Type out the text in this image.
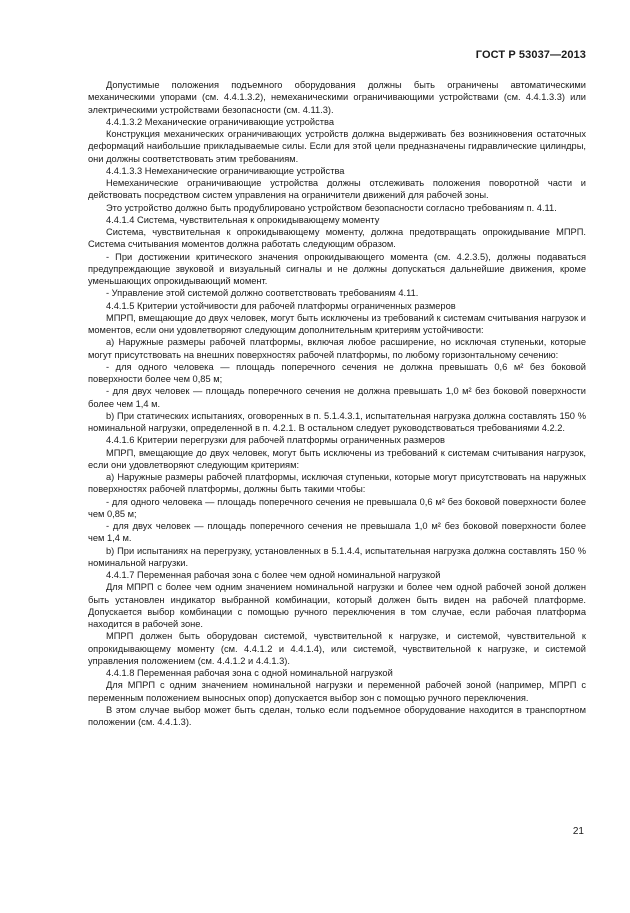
ГОСТ Р 53037—2013

Допустимые положения подъемного оборудования должны быть ограничены автоматическими механическими упорами (см. 4.4.1.3.2), немеханическими ограничивающими устройствами (см. 4.4.1.3.3) или электрическими устройствами безопасности (см. 4.11.3).

4.4.1.3.2 Механические ограничивающие устройства

Конструкция механических ограничивающих устройств должна выдерживать без возникновения остаточных деформаций наибольшие прикладываемые силы. Если для этой цели предназначены гидравлические цилиндры, они должны соответствовать этим требованиям.

4.4.1.3.3 Немеханические ограничивающие устройства

Немеханические ограничивающие устройства должны отслеживать положения поворотной части и действовать посредством систем управления на ограничители движений для рабочей зоны.

Это устройство должно быть продублировано устройством безопасности согласно требованиям п. 4.11.

4.4.1.4 Система, чувствительная к опрокидывающему моменту

Система, чувствительная к опрокидывающему моменту, должна предотвращать опрокидывание МПРП. Система считывания моментов должна работать следующим образом.

- При достижении критического значения опрокидывающего момента (см. 4.2.3.5), должны подаваться предупреждающие звуковой и визуальный сигналы и не должны допускаться дальнейшие движения, кроме уменьшающих опрокидывающий момент.

- Управление этой системой должно соответствовать требованиям 4.11.

4.4.1.5 Критерии устойчивости для рабочей платформы ограниченных размеров

МПРП, вмещающие до двух человек, могут быть исключены из требований к системам считывания нагрузок и моментов, если они удовлетворяют следующим дополнительным критериям устойчивости:

а) Наружные размеры рабочей платформы, включая любое расширение, но исключая ступеньки, которые могут присутствовать на внешних поверхностях рабочей платформы, по любому горизонтальному сечению:

- для одного человека — площадь поперечного сечения не должна превышать 0,6 м² без боковой поверхности более чем 0,85 м;

- для двух человек — площадь поперечного сечения не должна превышать 1,0 м² без боковой поверхности более чем 1,4 м.

b) При статических испытаниях, оговоренных в п. 5.1.4.3.1, испытательная нагрузка должна составлять 150 % номинальной нагрузки, определенной в п. 4.2.1. В остальном следует руководствоваться требованиями 4.2.2.

4.4.1.6 Критерии перегрузки для рабочей платформы ограниченных размеров

МПРП, вмещающие до двух человек, могут быть исключены из требований к системам считывания нагрузок, если они удовлетворяют следующим критериям:

а) Наружные размеры рабочей платформы, исключая ступеньки, которые могут присутствовать на наружных поверхностях рабочей платформы, должны быть такими чтобы:

- для одного человека — площадь поперечного сечения не превышала 0,6 м² без боковой поверхности более чем 0,85 м;

- для двух человек — площадь поперечного сечения не превышала 1,0 м² без боковой поверхности более чем 1,4 м.

b) При испытаниях на перегрузку, установленных в 5.1.4.4, испытательная нагрузка должна составлять 150 % номинальной нагрузки.

4.4.1.7 Переменная рабочая зона с более чем одной номинальной нагрузкой

Для МПРП с более чем одним значением номинальной нагрузки и более чем одной рабочей зоной должен быть установлен индикатор выбранной комбинации, который должен быть виден на рабочей платформе. Допускается выбор комбинации с помощью ручного переключения в том случае, если рабочая платформа находится в рабочей зоне.

МПРП должен быть оборудован системой, чувствительной к нагрузке, и системой, чувствительной к опрокидывающему моменту (см. 4.4.1.2 и 4.4.1.4), или системой, чувствительной к нагрузке, и системой управления положением (см. 4.4.1.2 и 4.4.1.3).

4.4.1.8 Переменная рабочая зона с одной номинальной нагрузкой

Для МПРП с одним значением номинальной нагрузки и переменной рабочей зоной (например, МПРП с переменным положением выносных опор) допускается выбор зон с помощью ручного переключения.

В этом случае выбор может быть сделан, только если подъемное оборудование находится в транспортном положении (см. 4.4.1.3).

21
